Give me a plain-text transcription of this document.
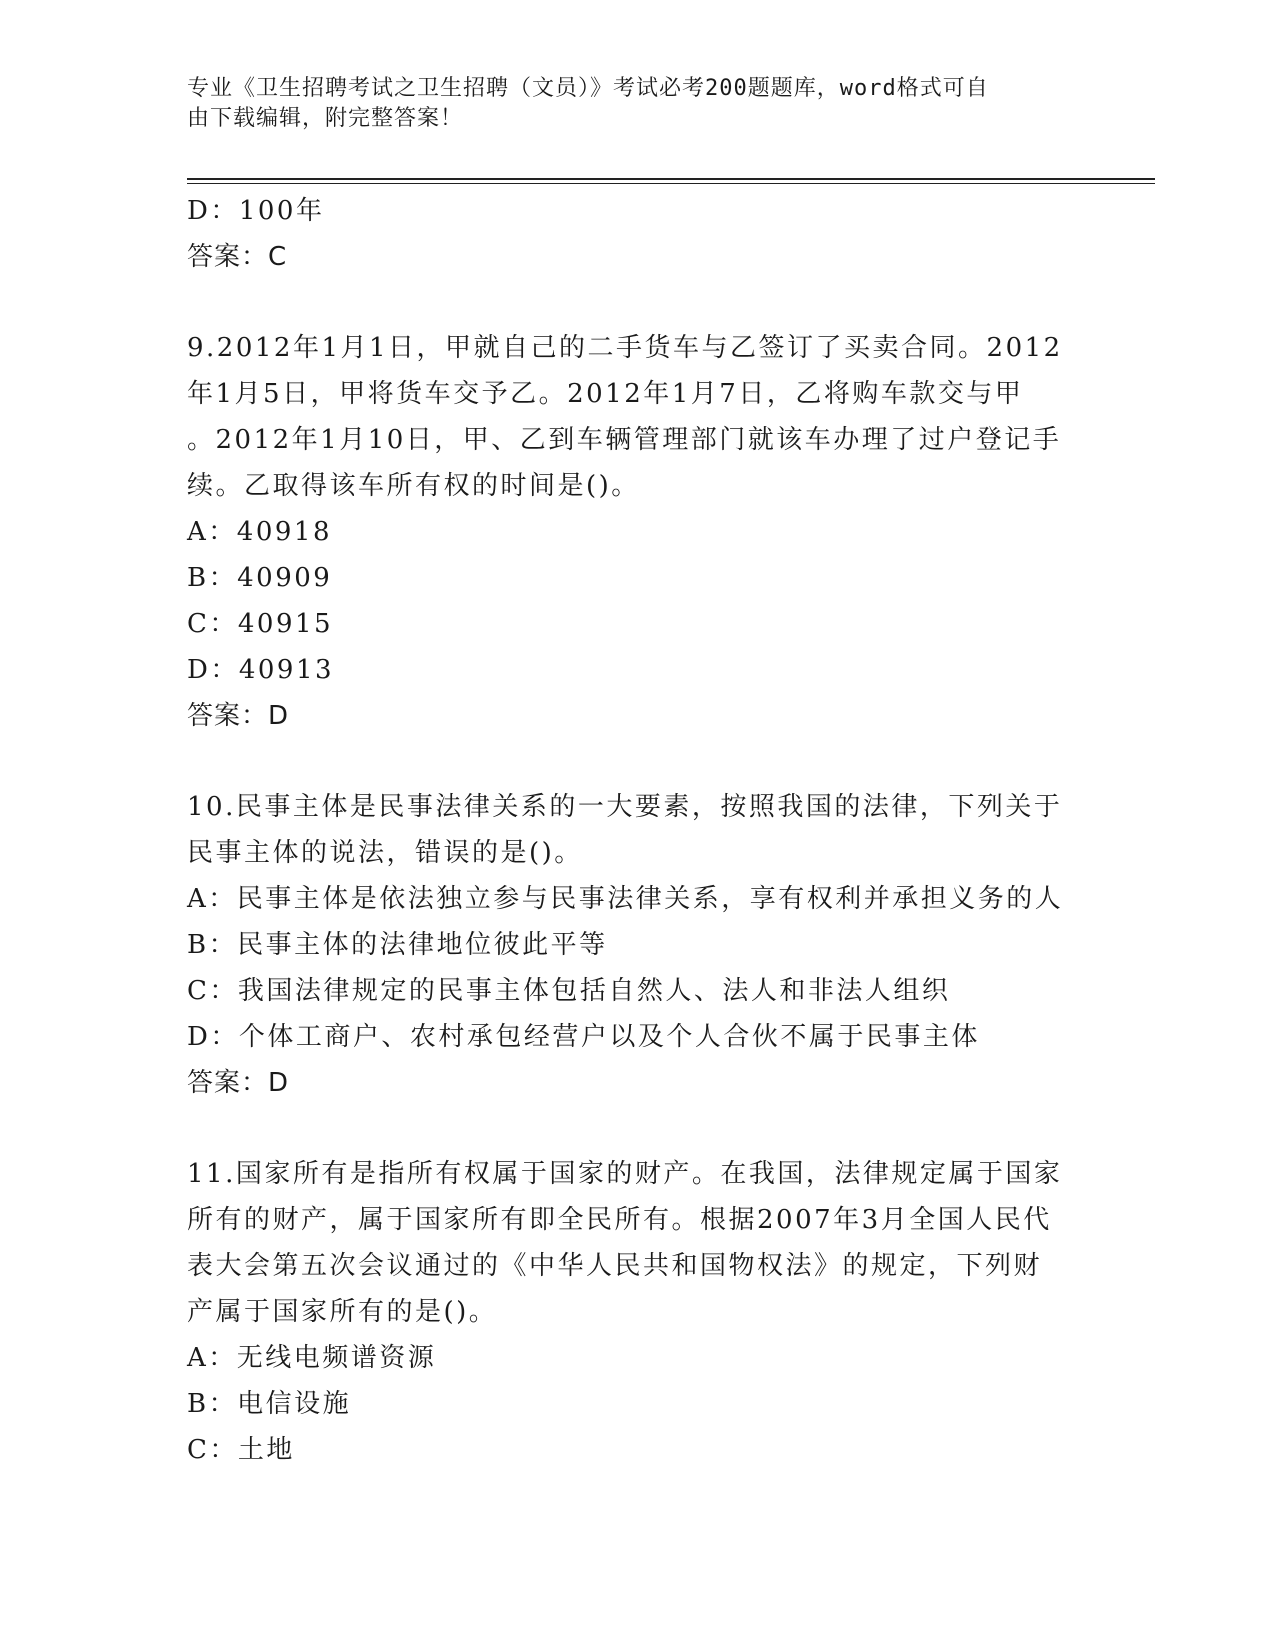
专业《卫生招聘考试之卫生招聘（文员）》考试必考200题题库，word格式可自
由下载编辑，附完整答案！
D：100年
答案：C
9.2012年1月1日，甲就自己的二手货车与乙签订了买卖合同。2012
年1月5日，甲将货车交予乙。2012年1月7日，乙将购车款交与甲
。2012年1月10日，甲、乙到车辆管理部门就该车办理了过户登记手
续。乙取得该车所有权的时间是()。
A：40918
B：40909
C：40915
D：40913
答案：D
10.民事主体是民事法律关系的一大要素，按照我国的法律，下列关于
民事主体的说法，错误的是()。
A：民事主体是依法独立参与民事法律关系，享有权利并承担义务的人
B：民事主体的法律地位彼此平等
C：我国法律规定的民事主体包括自然人、法人和非法人组织
D：个体工商户、农村承包经营户以及个人合伙不属于民事主体
答案：D
11.国家所有是指所有权属于国家的财产。在我国，法律规定属于国家
所有的财产，属于国家所有即全民所有。根据2007年3月全国人民代
表大会第五次会议通过的《中华人民共和国物权法》的规定，下列财
产属于国家所有的是()。
A：无线电频谱资源
B：电信设施
C：土地
